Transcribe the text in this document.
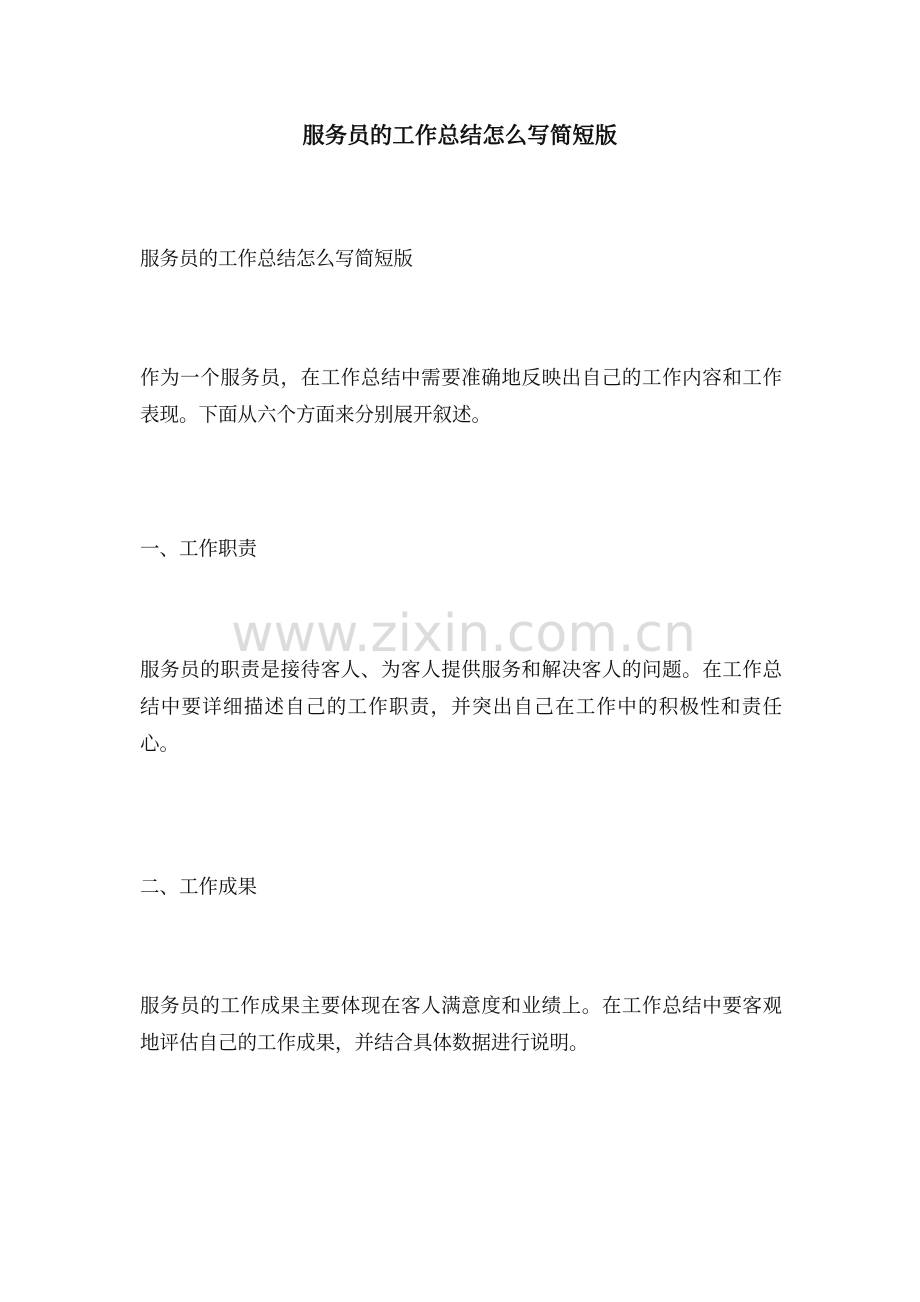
服务员的工作总结怎么写简短版
服务员的工作总结怎么写简短版
作为一个服务员，在工作总结中需要准确地反映出自己的工作内容和工作表现。下面从六个方面来分别展开叙述。
一、工作职责
服务员的职责是接待客人、为客人提供服务和解决客人的问题。在工作总结中要详细描述自己的工作职责，并突出自己在工作中的积极性和责任心。
二、工作成果
服务员的工作成果主要体现在客人满意度和业绩上。在工作总结中要客观地评估自己的工作成果，并结合具体数据进行说明。
www.zixin.com.cn
